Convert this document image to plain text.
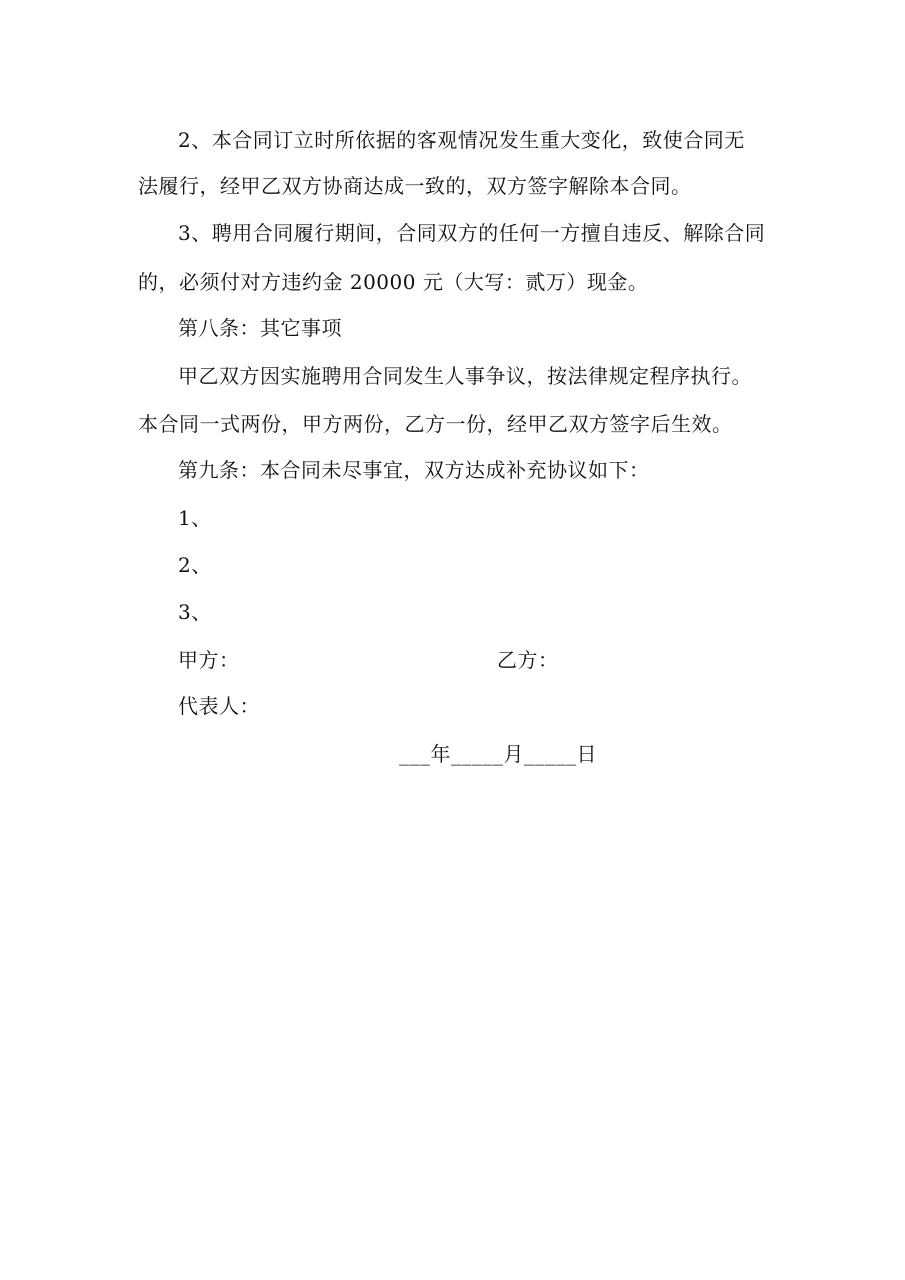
2、本合同订立时所依据的客观情况发生重大变化，致使合同无
法履行，经甲乙双方协商达成一致的，双方签字解除本合同。
3、聘用合同履行期间，合同双方的任何一方擅自违反、解除合同
的，必须付对方违约金 20000 元（大写：贰万）现金。
第八条：其它事项
甲乙双方因实施聘用合同发生人事争议，按法律规定程序执行。
本合同一式两份，甲方两份，乙方一份，经甲乙双方签字后生效。
第九条：本合同未尽事宜，双方达成补充协议如下：
1、
2、
3、
甲方：	乙方：
代表人：
___年_____月_____日
